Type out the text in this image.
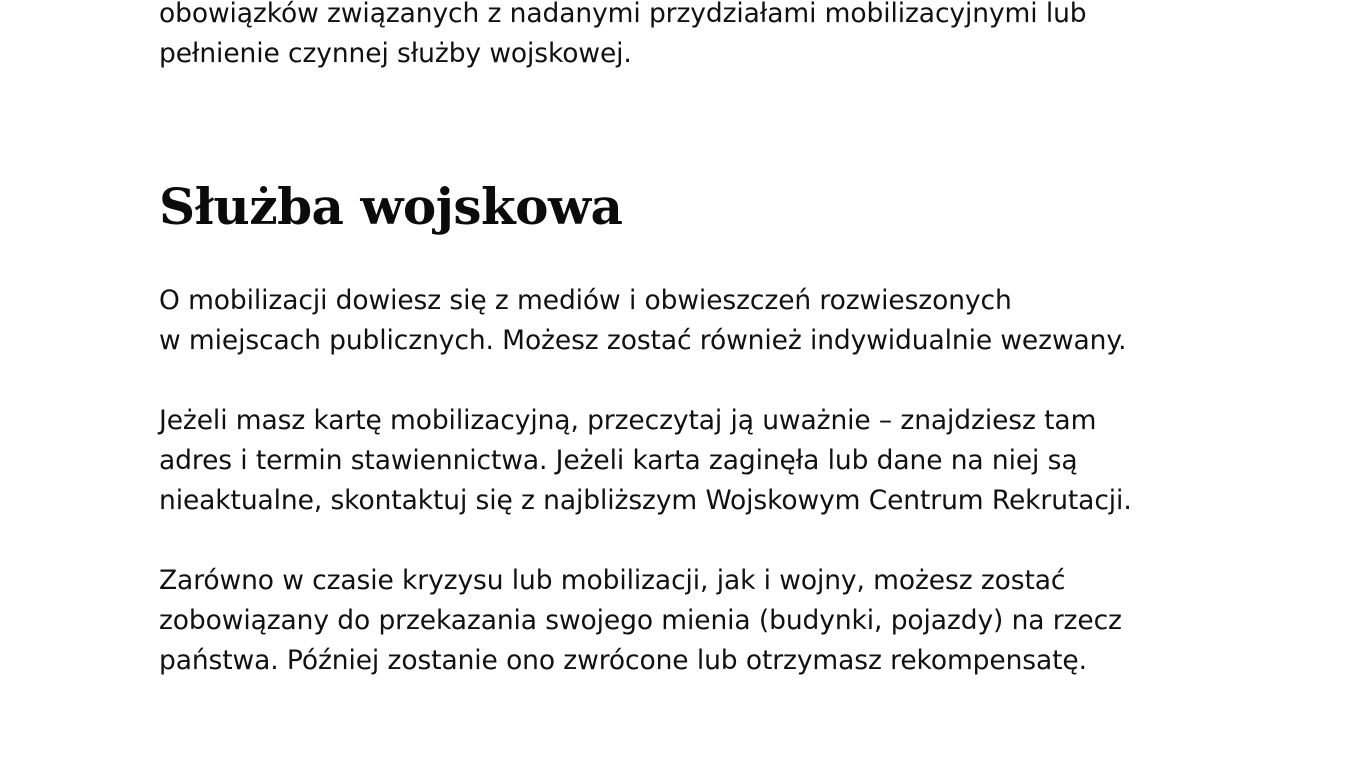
obowiązków związanych z nadanymi przydziałami mobilizacyjnymi lub
pełnienie czynnej służby wojskowej.

Służba wojskowa

O mobilizacji dowiesz się z mediów i obwieszczeń rozwieszonych
w miejscach publicznych. Możesz zostać również indywidualnie wezwany.

Jeżeli masz kartę mobilizacyjną, przeczytaj ją uważnie – znajdziesz tam
adres i termin stawiennictwa. Jeżeli karta zaginęła lub dane na niej są
nieaktualne, skontaktuj się z najbliższym Wojskowym Centrum Rekrutacji.

Zarówno w czasie kryzysu lub mobilizacji, jak i wojny, możesz zostać
zobowiązany do przekazania swojego mienia (budynki, pojazdy) na rzecz
państwa. Później zostanie ono zwrócone lub otrzymasz rekompensatę.
